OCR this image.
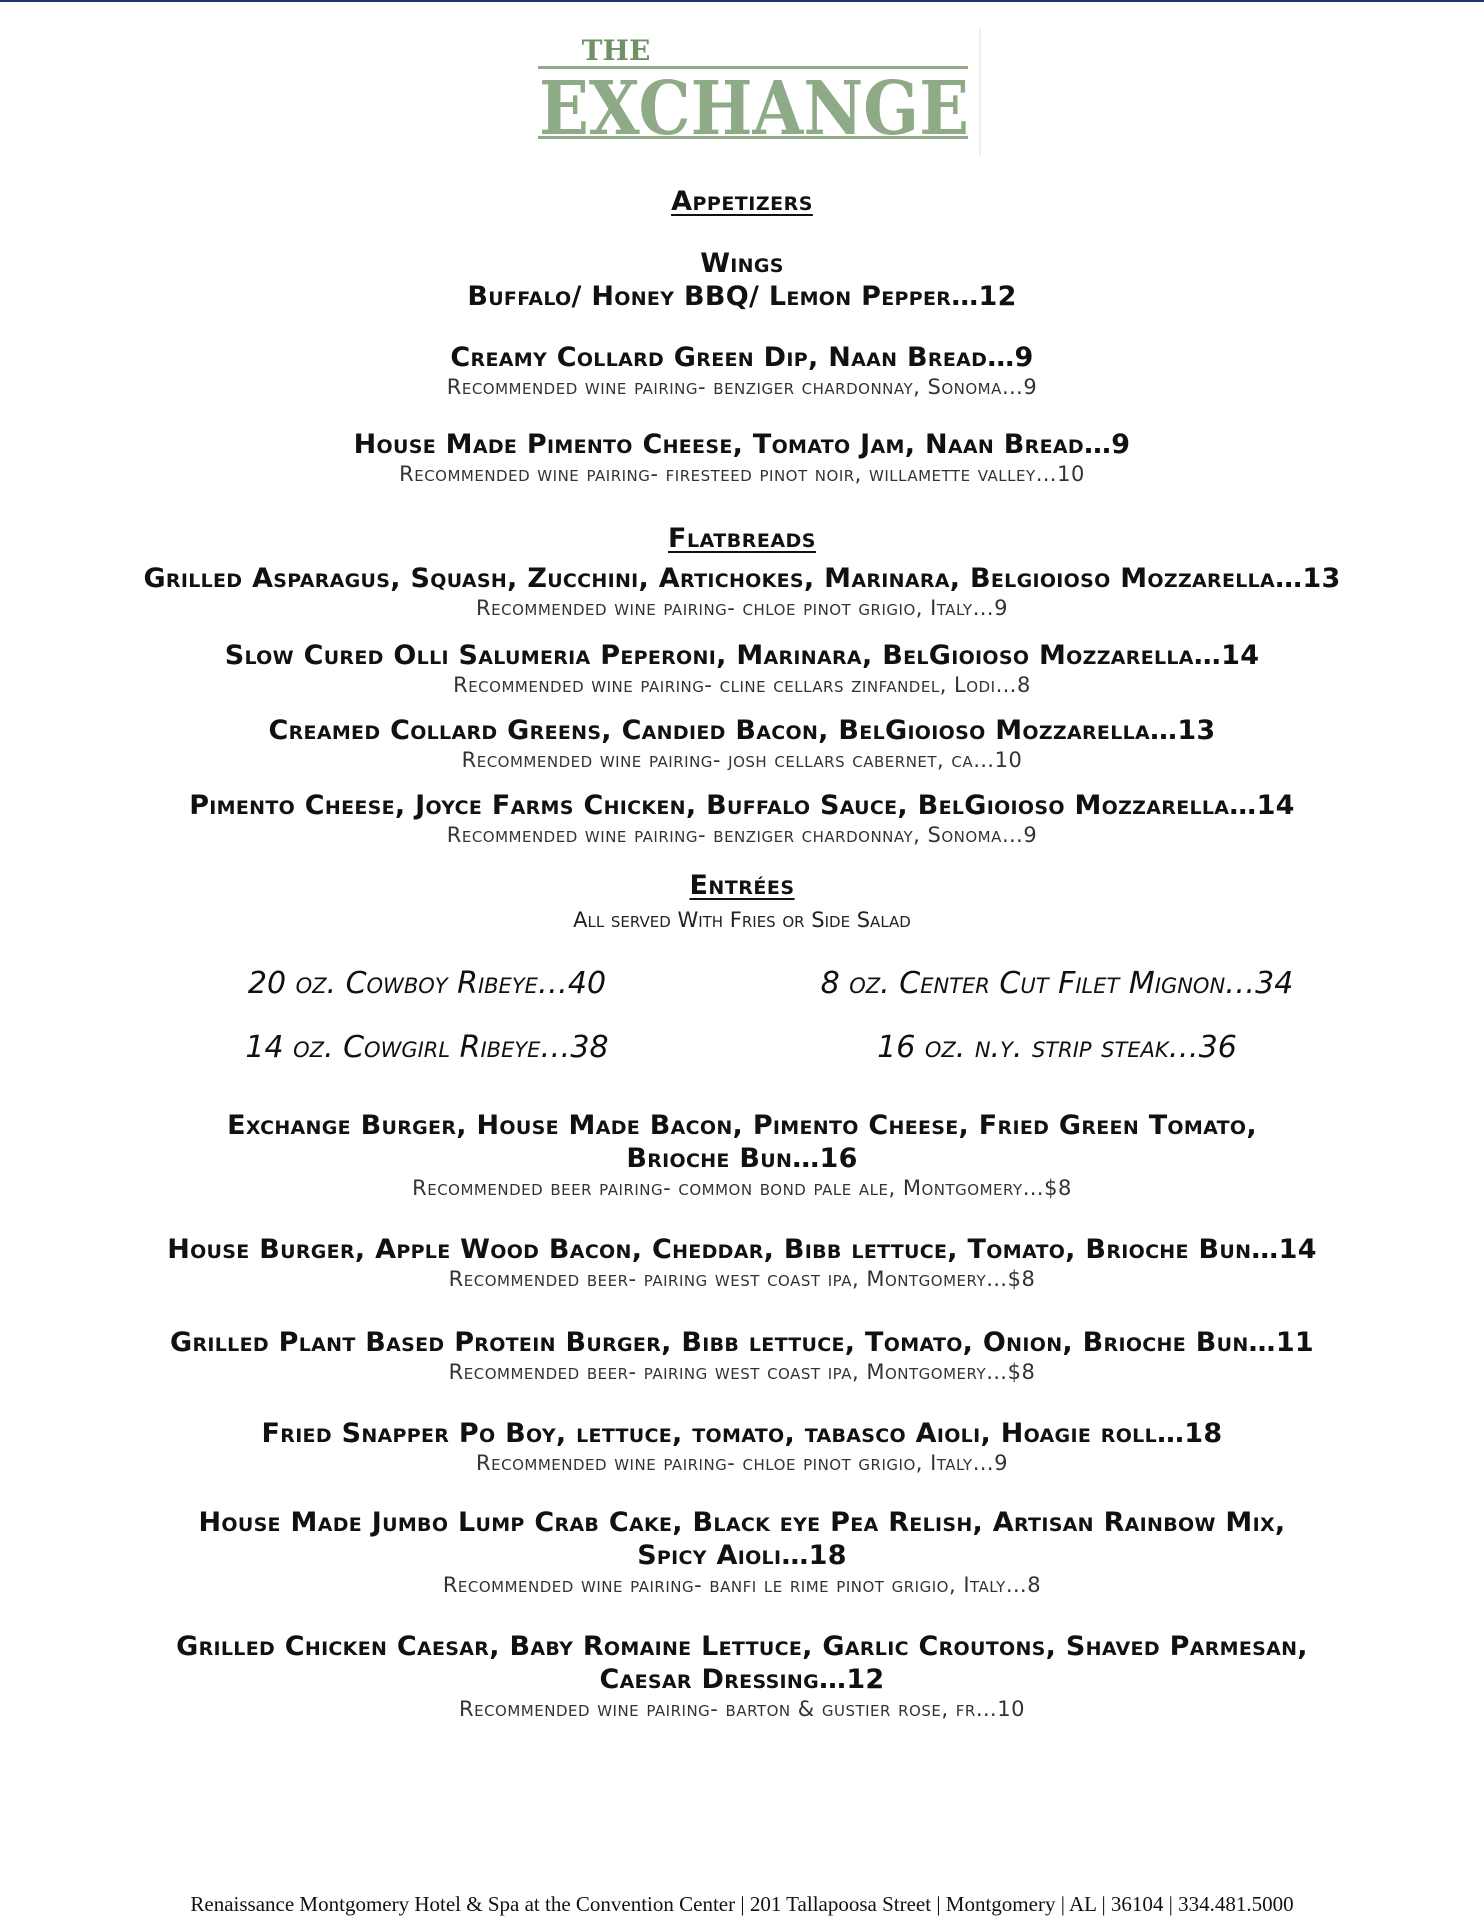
THE
EXCHANGE
Appetizers
Wings
Buffalo/ Honey BBQ/ Lemon Pepper…12
Creamy Collard Green Dip, Naan Bread…9
Recommended wine pairing- benziger chardonnay, Sonoma…9
House Made Pimento Cheese, Tomato Jam, Naan Bread…9
Recommended wine pairing- firesteed pinot noir, willamette valley…10
Flatbreads
Grilled Asparagus, Squash, Zucchini, Artichokes, Marinara, Belgioioso Mozzarella…13
Recommended wine pairing- chloe pinot grigio, Italy…9
Slow Cured Olli Salumeria Peperoni, Marinara, BelGioioso Mozzarella…14
Recommended wine pairing- cline cellars zinfandel, Lodi…8
Creamed Collard Greens, Candied Bacon, BelGioioso Mozzarella…13
Recommended wine pairing- josh cellars cabernet, ca…10
Pimento Cheese, Joyce Farms Chicken, Buffalo Sauce, BelGioioso Mozzarella…14
Recommended wine pairing- benziger chardonnay, Sonoma…9
Entrées
All served With Fries or Side Salad
20 oz. Cowboy Ribeye…40	8 oz. Center Cut Filet Mignon…34
14 oz. Cowgirl Ribeye…38	16 oz. n.y. strip steak…36
Exchange Burger, House Made Bacon, Pimento Cheese, Fried Green Tomato,
Brioche Bun…16
Recommended beer pairing- common bond pale ale, Montgomery…$8
House Burger, Apple Wood Bacon, Cheddar, Bibb lettuce, Tomato, Brioche Bun…14
Recommended beer- pairing west coast ipa, Montgomery…$8
Grilled Plant Based Protein Burger, Bibb lettuce, Tomato, Onion, Brioche Bun…11
Recommended beer- pairing west coast ipa, Montgomery…$8
Fried Snapper Po Boy, lettuce, tomato, tabasco Aioli, Hoagie roll…18
Recommended wine pairing- chloe pinot grigio, Italy…9
House Made Jumbo Lump Crab Cake, Black eye Pea Relish, Artisan Rainbow Mix,
Spicy Aioli…18
Recommended wine pairing- banfi le rime pinot grigio, Italy…8
Grilled Chicken Caesar, Baby Romaine Lettuce, Garlic Croutons, Shaved Parmesan,
Caesar Dressing…12
Recommended wine pairing- barton & gustier rose, fr…10
Renaissance Montgomery Hotel & Spa at the Convention Center | 201 Tallapoosa Street | Montgomery | AL | 36104 | 334.481.5000
